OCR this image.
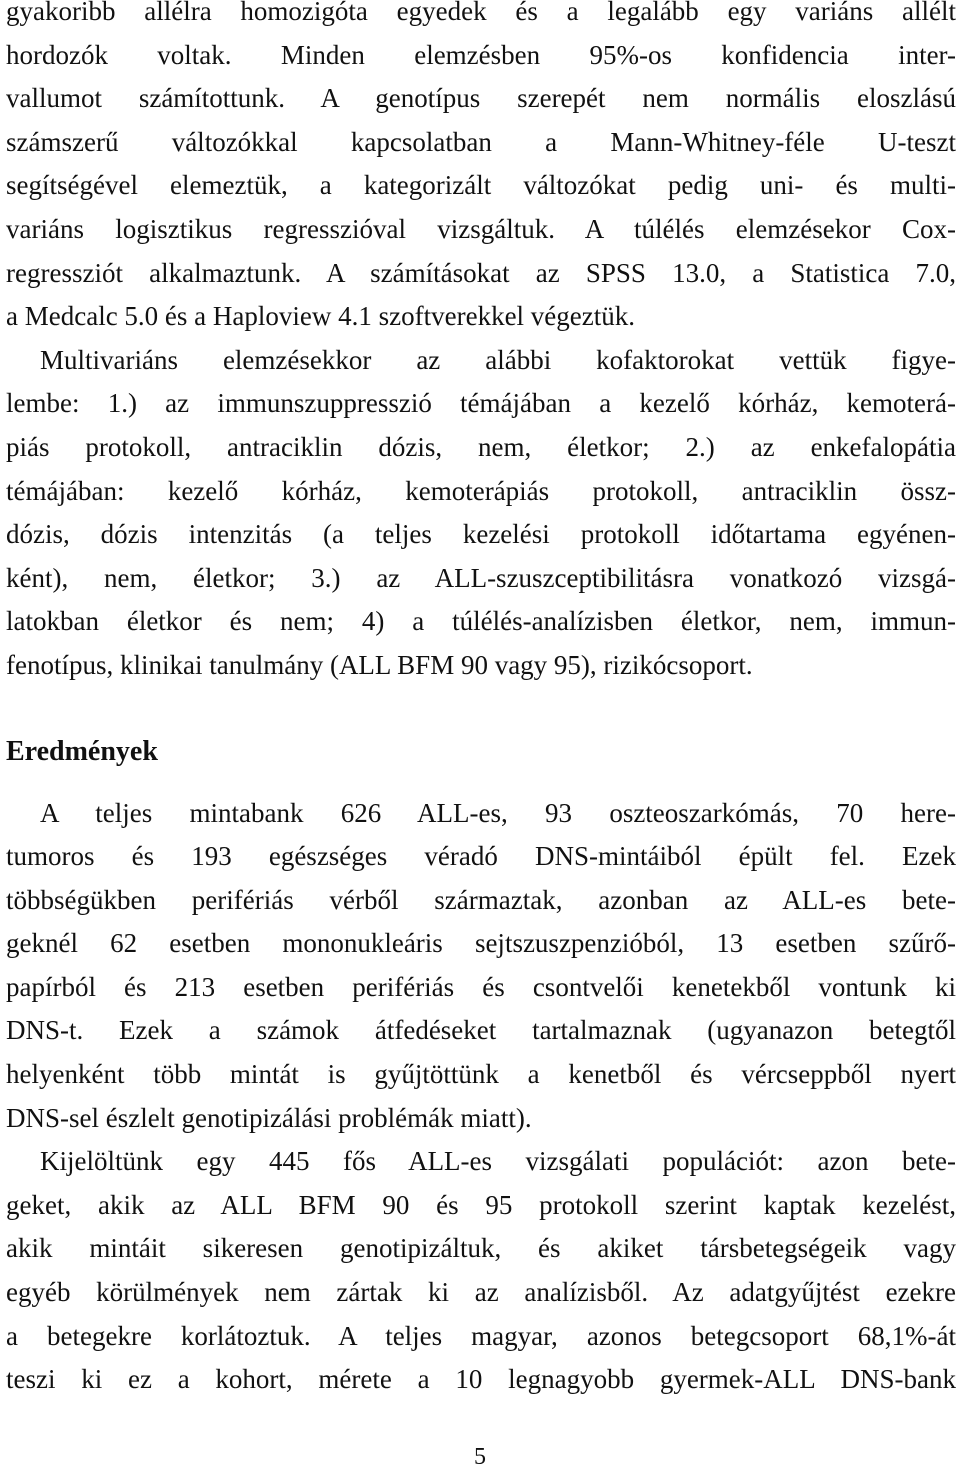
gyakoribb allélra homozigóta egyedek és a legalább egy variáns allélt
hordozók voltak. Minden elemzésben 95%-os konfidencia inter-
vallumot számítottunk. A genotípus szerepét nem normális eloszlású
számszerű változókkal kapcsolatban a Mann-Whitney-féle U-teszt
segítségével elemeztük, a kategorizált változókat pedig uni- és multi-
variáns logisztikus regresszióval vizsgáltuk. A túlélés elemzésekor Cox-
regressziót alkalmaztunk. A számításokat az SPSS 13.0, a Statistica 7.0,
a Medcalc 5.0 és a Haploview 4.1 szoftverekkel végeztük.
Multivariáns elemzésekkor az alábbi kofaktorokat vettük figye-
lembe: 1.) az immunszuppresszió témájában a kezelő kórház, kemoterá-
piás protokoll, antraciklin dózis, nem, életkor; 2.) az enkefalopátia
témájában: kezelő kórház, kemoterápiás protokoll, antraciklin össz-
dózis, dózis intenzitás (a teljes kezelési protokoll időtartama egyénen-
ként), nem, életkor; 3.) az ALL-szuszceptibilitásra vonatkozó vizsgá-
latokban életkor és nem; 4) a túlélés-analízisben életkor, nem, immun-
fenotípus, klinikai tanulmány (ALL BFM 90 vagy 95), rizikócsoport.
Eredmények
A teljes mintabank 626 ALL-es, 93 oszteoszarkómás, 70 here-
tumoros és 193 egészséges véradó DNS-mintáiból épült fel. Ezek
többségükben perifériás vérből származtak, azonban az ALL-es bete-
geknél 62 esetben mononukleáris sejtszuszpenzióból, 13 esetben szűrő-
papírból és 213 esetben perifériás és csontvelői kenetekből vontunk ki
DNS-t. Ezek a számok átfedéseket tartalmaznak (ugyanazon betegtől
helyenként több mintát is gyűjtöttünk a kenetből és vércseppből nyert
DNS-sel észlelt genotipizálási problémák miatt).
Kijelöltünk egy 445 fős ALL-es vizsgálati populációt: azon bete-
geket, akik az ALL BFM 90 és 95 protokoll szerint kaptak kezelést,
akik mintáit sikeresen genotipizáltuk, és akiket társbetegségeik vagy
egyéb körülmények nem zártak ki az analízisből. Az adatgyűjtést ezekre
a betegekre korlátoztuk. A teljes magyar, azonos betegcsoport 68,1%-át
teszi ki ez a kohort, mérete a 10 legnagyobb gyermek-ALL DNS-bank
5
